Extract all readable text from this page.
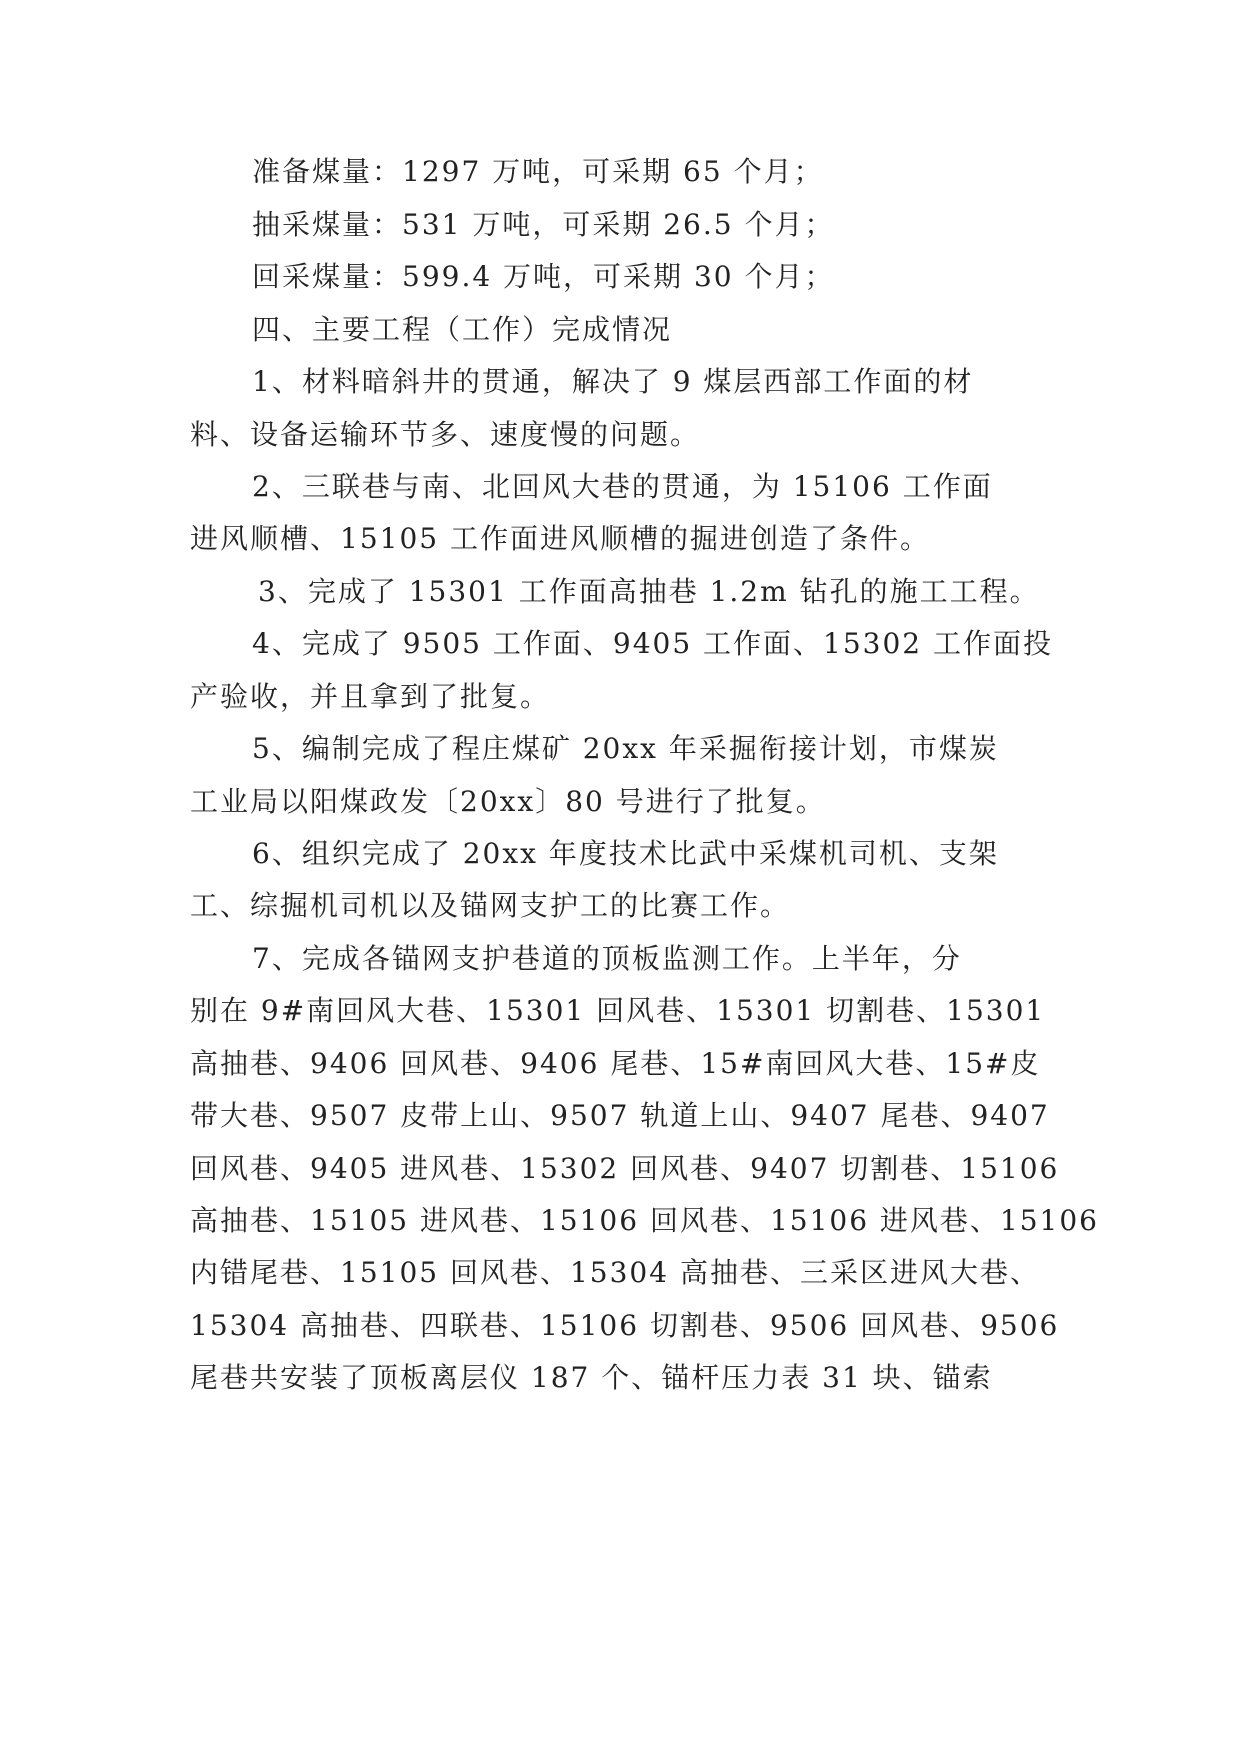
准备煤量：1297 万吨，可采期 65 个月；
抽采煤量：531 万吨，可采期 26.5 个月；
回采煤量：599.4 万吨，可采期 30 个月；
四、主要工程（工作）完成情况
1、材料暗斜井的贯通，解决了 9 煤层西部工作面的材
料、设备运输环节多、速度慢的问题。
2、三联巷与南、北回风大巷的贯通，为 15106 工作面
进风顺槽、15105 工作面进风顺槽的掘进创造了条件。
3、完成了 15301 工作面高抽巷 1.2m 钻孔的施工工程。
4、完成了 9505 工作面、9405 工作面、15302 工作面投
产验收，并且拿到了批复。
5、编制完成了程庄煤矿 20xx 年采掘衔接计划，市煤炭
工业局以阳煤政发〔20xx〕80 号进行了批复。
6、组织完成了 20xx 年度技术比武中采煤机司机、支架
工、综掘机司机以及锚网支护工的比赛工作。
7、完成各锚网支护巷道的顶板监测工作。上半年，分
别在 9#南回风大巷、15301 回风巷、15301 切割巷、15301
高抽巷、9406 回风巷、9406 尾巷、15#南回风大巷、15#皮
带大巷、9507 皮带上山、9507 轨道上山、9407 尾巷、9407
回风巷、9405 进风巷、15302 回风巷、9407 切割巷、15106
高抽巷、15105 进风巷、15106 回风巷、15106 进风巷、15106
内错尾巷、15105 回风巷、15304 高抽巷、三采区进风大巷、
15304 高抽巷、四联巷、15106 切割巷、9506 回风巷、9506
尾巷共安装了顶板离层仪 187 个、锚杆压力表 31 块、锚索
